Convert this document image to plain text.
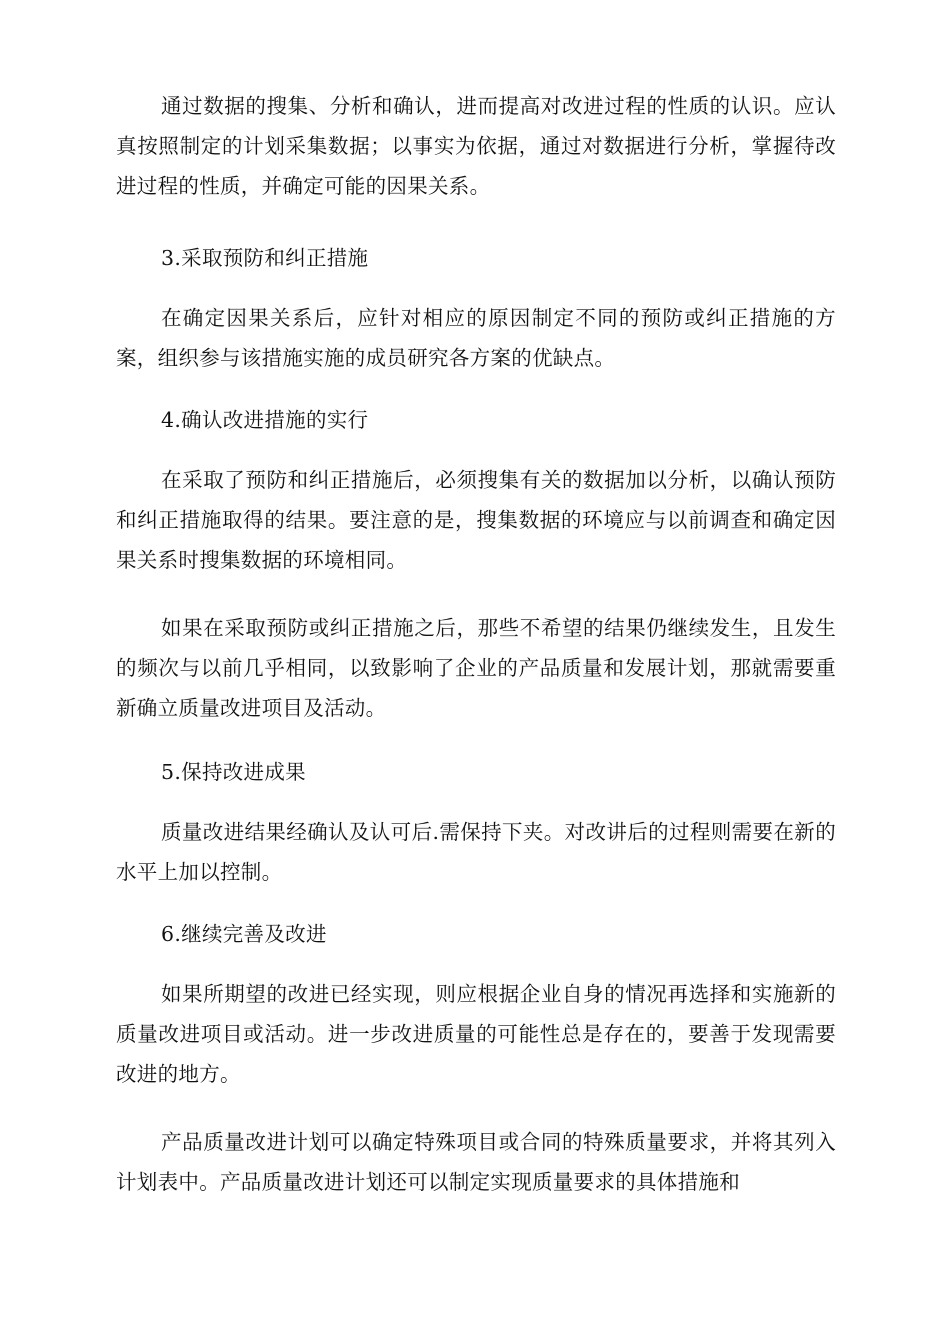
通过数据的搜集、分析和确认，进而提高对改进过程的性质的认识。应认真按照制定的计划采集数据；以事实为依据，通过对数据进行分析，掌握待改进过程的性质，并确定可能的因果关系。

3.采取预防和纠正措施

在确定因果关系后，应针对相应的原因制定不同的预防或纠正措施的方案，组织参与该措施实施的成员研究各方案的优缺点。

4.确认改进措施的实行

在采取了预防和纠正措施后，必须搜集有关的数据加以分析，以确认预防和纠正措施取得的结果。要注意的是，搜集数据的环境应与以前调查和确定因果关系时搜集数据的环境相同。

如果在采取预防或纠正措施之后，那些不希望的结果仍继续发生，且发生的频次与以前几乎相同，以致影响了企业的产品质量和发展计划，那就需要重新确立质量改进项目及活动。

5.保持改进成果

质量改进结果经确认及认可后.需保持下夹。对改讲后的过程则需要在新的水平上加以控制。

6.继续完善及改进

如果所期望的改进已经实现，则应根据企业自身的情况再选择和实施新的质量改进项目或活动。进一步改进质量的可能性总是存在的，要善于发现需要改进的地方。

产品质量改进计划可以确定特殊项目或合同的特殊质量要求，并将其列入计划表中。产品质量改进计划还可以制定实现质量要求的具体措施和
